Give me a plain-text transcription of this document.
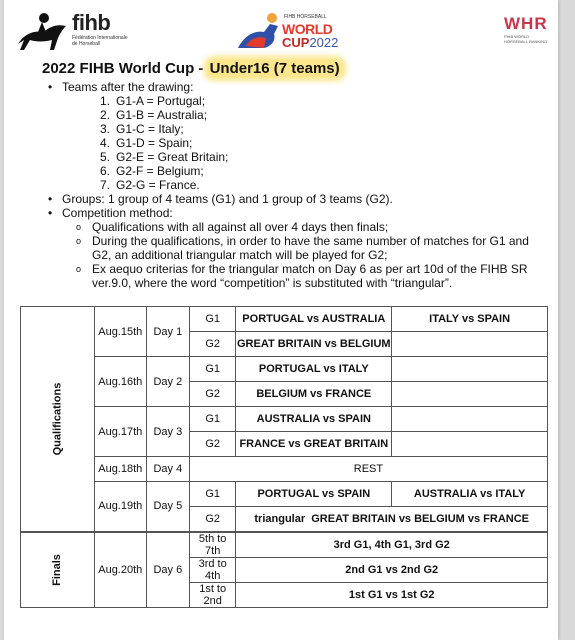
fihb
Fédération Internationale de Horseball
FIHB HORSEBALL
WORLD
CUP2022
WHR
FIHB WORLD HORSEBALL RANKING
2022 FIHB World Cup - Under16 (7 teams)
• Teams after the drawing:
1. G1-A = Portugal;
2. G1-B = Australia;
3. G1-C = Italy;
4. G1-D = Spain;
5. G2-E = Great Britain;
6. G2-F = Belgium;
7. G2-G = France.
• Groups: 1 group of 4 teams (G1) and 1 group of 3 teams (G2).
• Competition method:
o Qualifications with all against all over 4 days then finals;
o During the qualifications, in order to have the same number of matches for G1 and G2, an additional triangular match will be played for G2;
o Ex aequo criterias for the triangular match on Day 6 as per art 10d of the FIHB SR ver.9.0, where the word “competition” is substituted with “triangular”.
Qualifications	Aug.15th	Day 1	G1	PORTUGAL vs AUSTRALIA	ITALY vs SPAIN
			G2	GREAT BRITAIN vs BELGIUM	
	Aug.16th	Day 2	G1	PORTUGAL vs ITALY	
			G2	BELGIUM vs FRANCE	
	Aug.17th	Day 3	G1	AUSTRALIA vs SPAIN	
			G2	FRANCE vs GREAT BRITAIN	
	Aug.18th	Day 4	REST		
	Aug.19th	Day 5	G1	PORTUGAL vs SPAIN	AUSTRALIA vs ITALY
			G2	triangular  GREAT BRITAIN vs BELGIUM vs FRANCE	
Finals	Aug.20th	Day 6	5th to 7th	3rd G1, 4th G1, 3rd G2	
			3rd to 4th	2nd G1 vs 2nd G2	
			1st to 2nd	1st G1 vs 1st G2	
